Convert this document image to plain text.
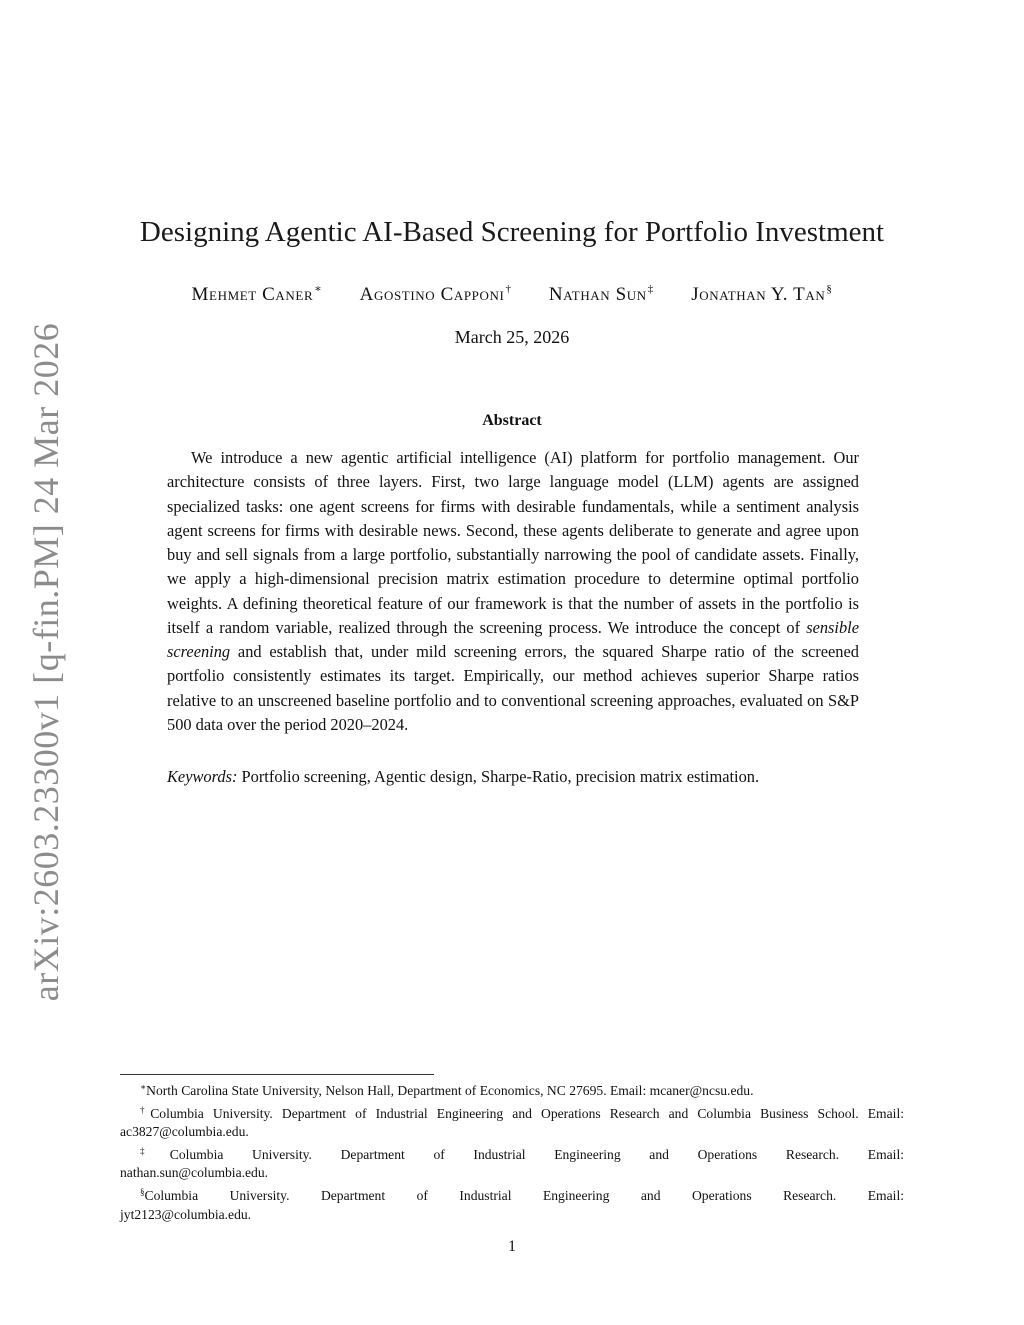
arXiv:2603.23300v1 [q-fin.PM] 24 Mar 2026
Designing Agentic AI-Based Screening for Portfolio Investment
Mehmet Caner∗ Agostino Capponi† Nathan Sun‡ Jonathan Y. Tan§
March 25, 2026
Abstract

We introduce a new agentic artificial intelligence (AI) platform for portfolio management. Our architecture consists of three layers. First, two large language model (LLM) agents are assigned specialized tasks: one agent screens for firms with desirable fundamentals, while a sentiment analysis agent screens for firms with desirable news. Second, these agents deliberate to generate and agree upon buy and sell signals from a large portfolio, substantially narrowing the pool of candidate assets. Finally, we apply a high-dimensional precision matrix estimation procedure to determine optimal portfolio weights. A defining theoretical feature of our framework is that the number of assets in the portfolio is itself a random variable, realized through the screening process. We introduce the concept of sensible screening and establish that, under mild screening errors, the squared Sharpe ratio of the screened portfolio consistently estimates its target. Empirically, our method achieves superior Sharpe ratios relative to an unscreened baseline portfolio and to conventional screening approaches, evaluated on S&P 500 data over the period 2020–2024.

Keywords: Portfolio screening, Agentic design, Sharpe-Ratio, precision matrix estimation.

∗North Carolina State University, Nelson Hall, Department of Economics, NC 27695. Email: mcaner@ncsu.edu.

†Columbia University. Department of Industrial Engineering and Operations Research and Columbia Business School. Email: ac3827@columbia.edu.

‡Columbia University. Department of Industrial Engineering and Operations Research. Email:

nathan.sun@columbia.edu.

§Columbia University. Department of Industrial Engineering and Operations Research. Email:

jyt2123@columbia.edu.

1
